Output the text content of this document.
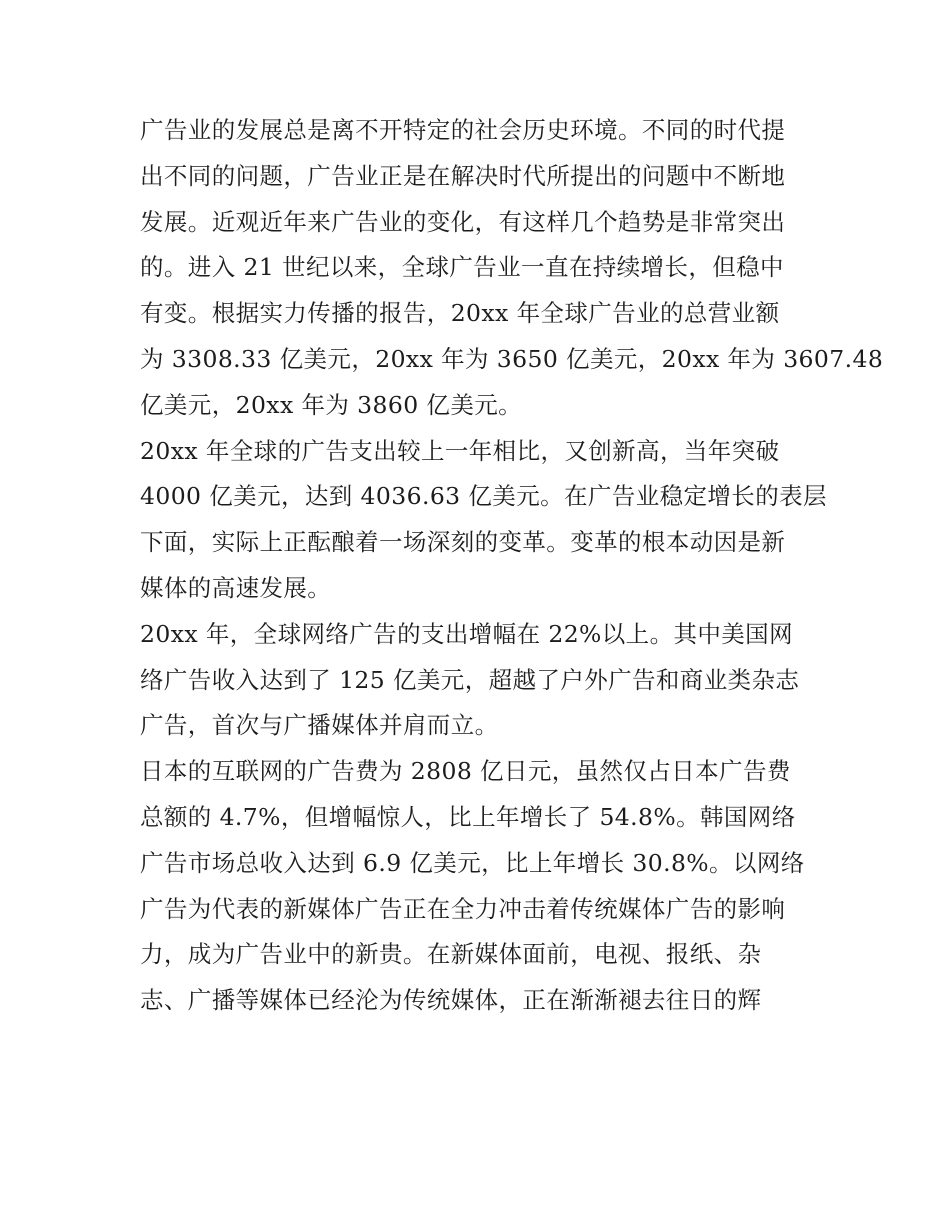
广告业的发展总是离不开特定的社会历史环境。不同的时代提
出不同的问题，广告业正是在解决时代所提出的问题中不断地
发展。近观近年来广告业的变化，有这样几个趋势是非常突出
的。进入 21 世纪以来，全球广告业一直在持续增长，但稳中
有变。根据实力传播的报告，20xx 年全球广告业的总营业额
为 3308.33 亿美元，20xx 年为 3650 亿美元，20xx 年为 3607.48
亿美元，20xx 年为 3860 亿美元。

20xx 年全球的广告支出较上一年相比，又创新高，当年突破
4000 亿美元，达到 4036.63 亿美元。在广告业稳定增长的表层
下面，实际上正酝酿着一场深刻的变革。变革的根本动因是新
媒体的高速发展。

20xx 年，全球网络广告的支出增幅在 22%以上。其中美国网
络广告收入达到了 125 亿美元，超越了户外广告和商业类杂志
广告，首次与广播媒体并肩而立。

日本的互联网的广告费为 2808 亿日元，虽然仅占日本广告费
总额的 4.7%，但增幅惊人，比上年增长了 54.8%。韩国网络
广告市场总收入达到 6.9 亿美元，比上年增长 30.8%。以网络
广告为代表的新媒体广告正在全力冲击着传统媒体广告的影响
力，成为广告业中的新贵。在新媒体面前，电视、报纸、杂
志、广播等媒体已经沦为传统媒体，正在渐渐褪去往日的辉
